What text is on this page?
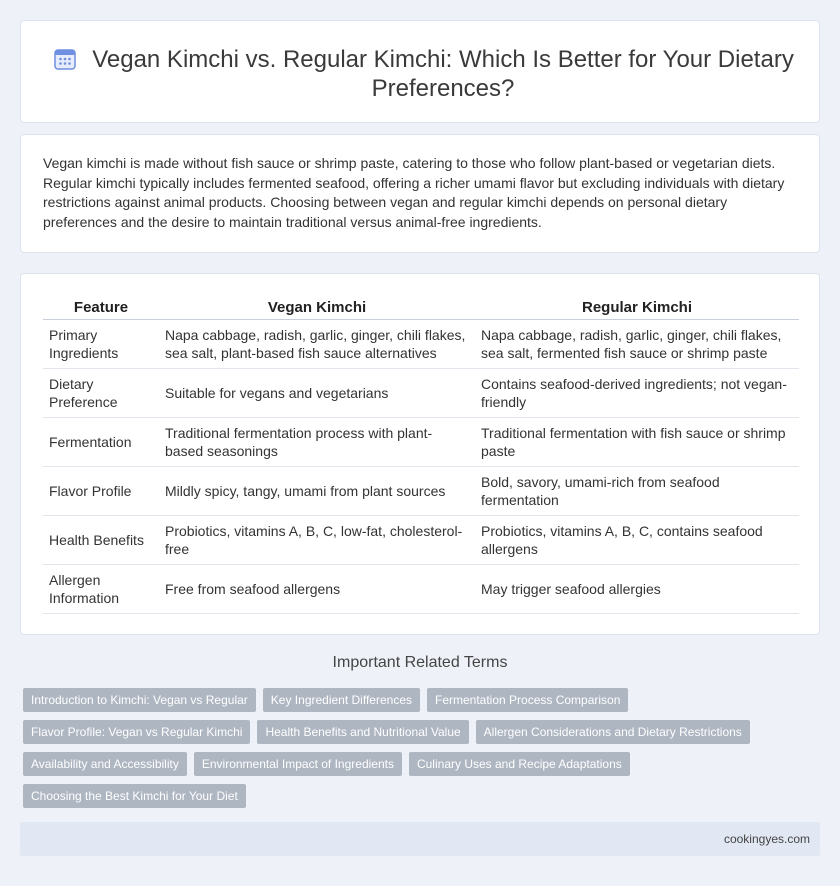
Vegan Kimchi vs. Regular Kimchi: Which Is Better for Your Dietary Preferences?

Vegan kimchi is made without fish sauce or shrimp paste, catering to those who follow plant-based or vegetarian diets. Regular kimchi typically includes fermented seafood, offering a richer umami flavor but excluding individuals with dietary restrictions against animal products. Choosing between vegan and regular kimchi depends on personal dietary preferences and the desire to maintain traditional versus animal-free ingredients.

Feature	Vegan Kimchi	Regular Kimchi
Primary Ingredients	Napa cabbage, radish, garlic, ginger, chili flakes, sea salt, plant-based fish sauce alternatives	Napa cabbage, radish, garlic, ginger, chili flakes, sea salt, fermented fish sauce or shrimp paste
Dietary Preference	Suitable for vegans and vegetarians	Contains seafood-derived ingredients; not vegan-friendly
Fermentation	Traditional fermentation process with plant-based seasonings	Traditional fermentation with fish sauce or shrimp paste
Flavor Profile	Mildly spicy, tangy, umami from plant sources	Bold, savory, umami-rich from seafood fermentation
Health Benefits	Probiotics, vitamins A, B, C, low-fat, cholesterol-free	Probiotics, vitamins A, B, C, contains seafood allergens
Allergen Information	Free from seafood allergens	May trigger seafood allergies
Important Related Terms
Introduction to Kimchi: Vegan vs Regular	Key Ingredient Differences	Fermentation Process Comparison
Flavor Profile: Vegan vs Regular Kimchi	Health Benefits and Nutritional Value	Allergen Considerations and Dietary Restrictions
Availability and Accessibility	Environmental Impact of Ingredients	Culinary Uses and Recipe Adaptations
Choosing the Best Kimchi for Your Diet
cookingyes.com
